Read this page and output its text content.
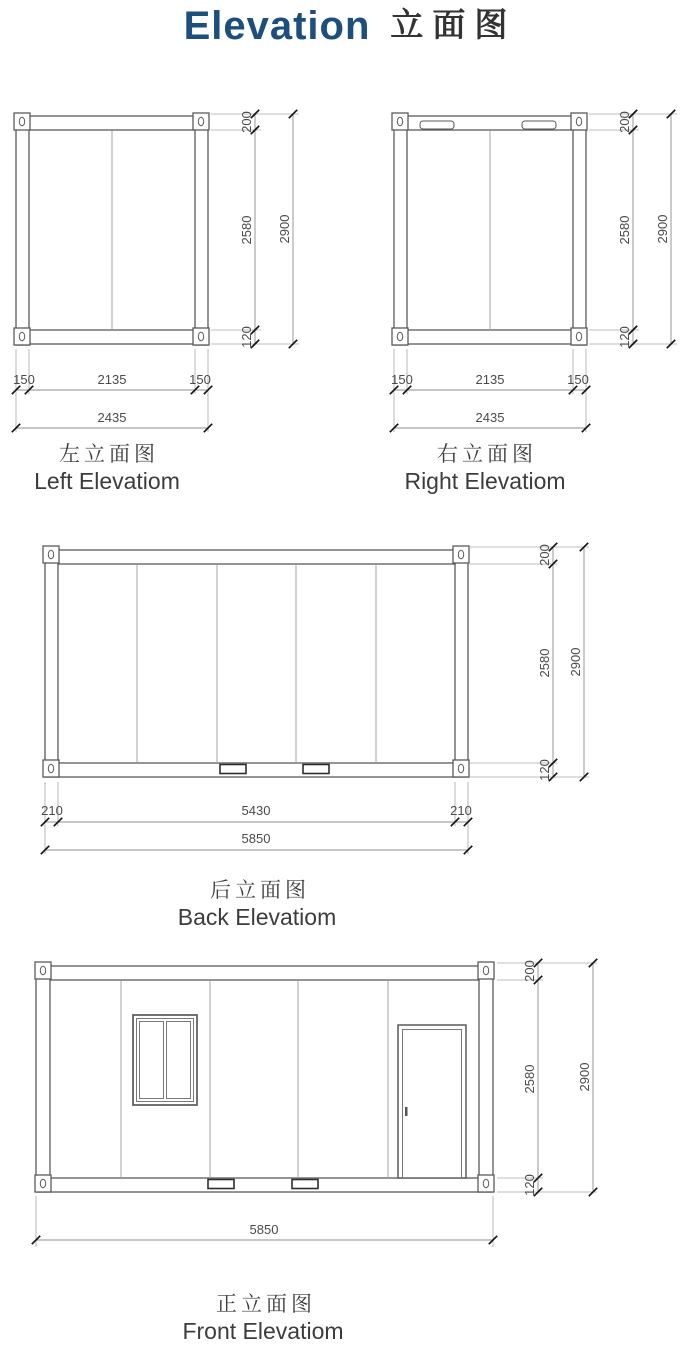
Elevation 立面图
200
2580
120
2900
150	2135	150
2435
左立面图
Left Elevatiom
200
2580
120
2900
150	2135	150
2435
右立面图
Right Elevatiom
200
2580
120
2900
210	5430	210
5850
后立面图
Back Elevatiom
200
2580
120
2900
5850
正立面图
Front Elevatiom
